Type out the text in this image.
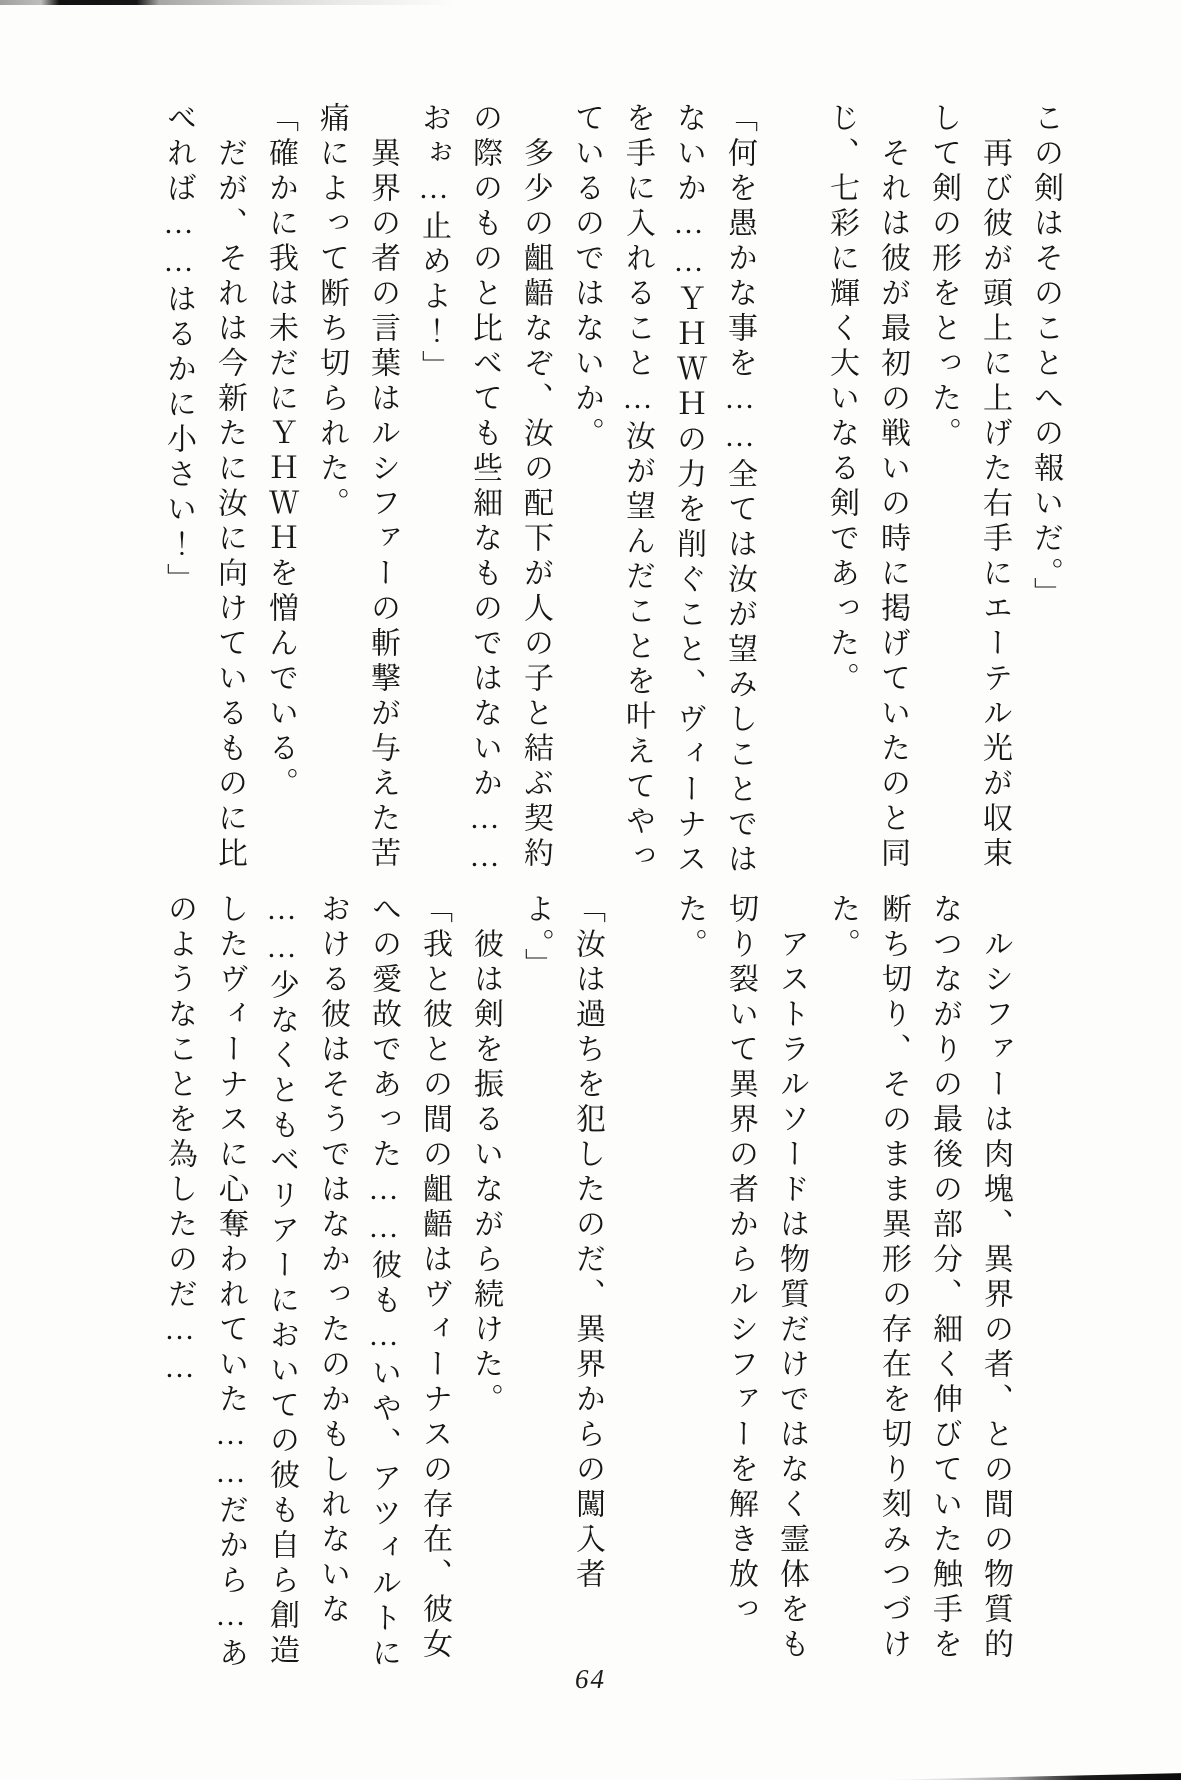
この剣はそのことへの報いだ。」
　再び彼が頭上に上げた右手にエーテル光が収束
して剣の形をとった。
　それは彼が最初の戦いの時に掲げていたのと同
じ、七彩に輝く大いなる剣であった。
「何を愚かな事を……全ては汝が望みしことでは
ないか……ＹＨＷＨの力を削ぐこと、ヴィーナス
を手に入れること…汝が望んだことを叶えてやっ
ているのではないか。
　多少の齟齬なぞ、汝の配下が人の子と結ぶ契約
の際のものと比べても些細なものではないか……
おぉ…止めよ！」
　異界の者の言葉はルシファーの斬撃が与えた苦
痛によって断ち切られた。
「確かに我は未だにＹＨＷＨを憎んでいる。
　だが、それは今新たに汝に向けているものに比
べれば……はるかに小さい！」
　ルシファーは肉塊、異界の者、との間の物質的
なつながりの最後の部分、細く伸びていた触手を
断ち切り、そのまま異形の存在を切り刻みつづけ
た。
　アストラルソードは物質だけではなく霊体をも
切り裂いて異界の者からルシファーを解き放っ
た。
「汝は過ちを犯したのだ、異界からの闖入者
よ。」
　彼は剣を振るいながら続けた。
「我と彼との間の齟齬はヴィーナスの存在、彼女
への愛故であった……彼も…いや、アツィルトに
おける彼はそうではなかったのかもしれないな
……少なくともベリアーにおいての彼も自ら創造
したヴィーナスに心奪われていた……だから…あ
のようなことを為したのだ……
64
